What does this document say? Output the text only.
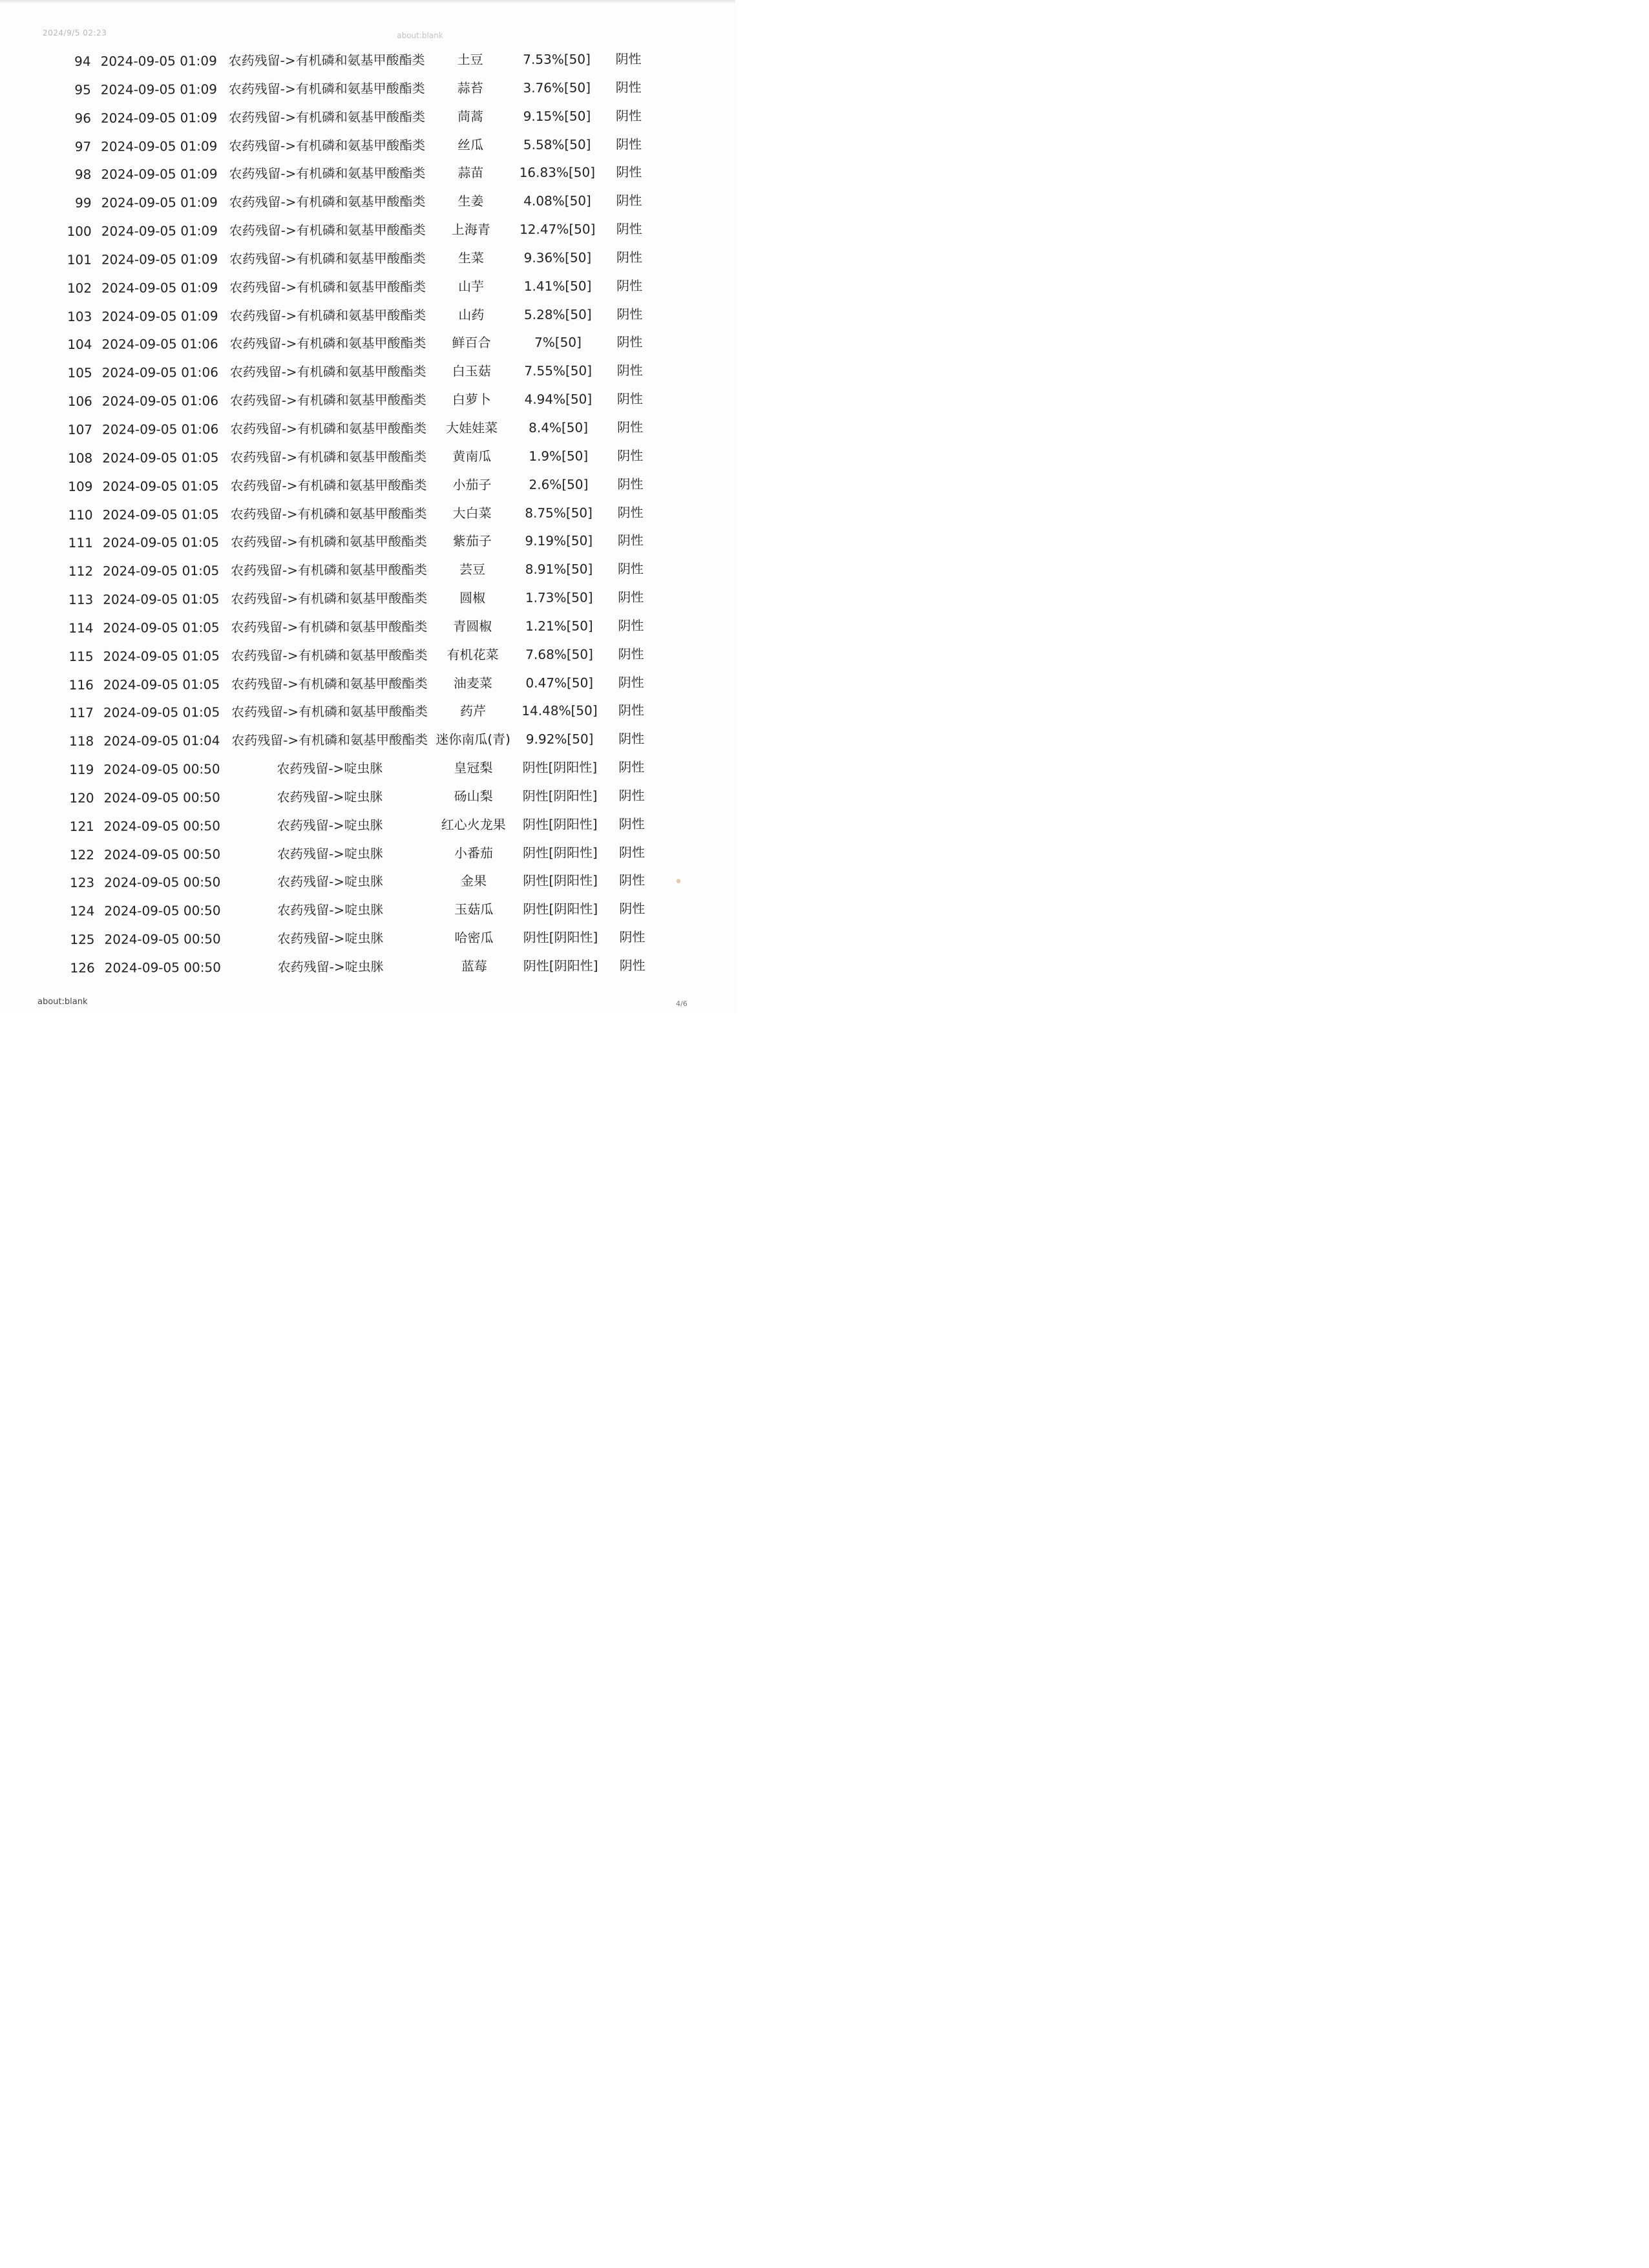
2024/9/5 02:23	about:blank
94 2024-09-05 01:09 农药残留->有机磷和氨基甲酸酯类	土豆	7.53%[50]	阴性
95 2024-09-05 01:09 农药残留->有机磷和氨基甲酸酯类	蒜苔	3.76%[50]	阴性
96 2024-09-05 01:09 农药残留->有机磷和氨基甲酸酯类	茼蒿	9.15%[50]	阴性
97 2024-09-05 01:09 农药残留->有机磷和氨基甲酸酯类	丝瓜	5.58%[50]	阴性
98 2024-09-05 01:09 农药残留->有机磷和氨基甲酸酯类	蒜苗	16.83%[50]	阴性
99 2024-09-05 01:09 农药残留->有机磷和氨基甲酸酯类	生姜	4.08%[50]	阴性
100 2024-09-05 01:09 农药残留->有机磷和氨基甲酸酯类	上海青	12.47%[50]	阴性
101 2024-09-05 01:09 农药残留->有机磷和氨基甲酸酯类	生菜	9.36%[50]	阴性
102 2024-09-05 01:09 农药残留->有机磷和氨基甲酸酯类	山芋	1.41%[50]	阴性
103 2024-09-05 01:09 农药残留->有机磷和氨基甲酸酯类	山药	5.28%[50]	阴性
104 2024-09-05 01:06 农药残留->有机磷和氨基甲酸酯类	鲜百合	7%[50]	阴性
105 2024-09-05 01:06 农药残留->有机磷和氨基甲酸酯类	白玉菇	7.55%[50]	阴性
106 2024-09-05 01:06 农药残留->有机磷和氨基甲酸酯类	白萝卜	4.94%[50]	阴性
107 2024-09-05 01:06 农药残留->有机磷和氨基甲酸酯类	大娃娃菜	8.4%[50]	阴性
108 2024-09-05 01:05 农药残留->有机磷和氨基甲酸酯类	黄南瓜	1.9%[50]	阴性
109 2024-09-05 01:05 农药残留->有机磷和氨基甲酸酯类	小茄子	2.6%[50]	阴性
110 2024-09-05 01:05 农药残留->有机磷和氨基甲酸酯类	大白菜	8.75%[50]	阴性
111 2024-09-05 01:05 农药残留->有机磷和氨基甲酸酯类	紫茄子	9.19%[50]	阴性
112 2024-09-05 01:05 农药残留->有机磷和氨基甲酸酯类	芸豆	8.91%[50]	阴性
113 2024-09-05 01:05 农药残留->有机磷和氨基甲酸酯类	圆椒	1.73%[50]	阴性
114 2024-09-05 01:05 农药残留->有机磷和氨基甲酸酯类	青圆椒	1.21%[50]	阴性
115 2024-09-05 01:05 农药残留->有机磷和氨基甲酸酯类	有机花菜	7.68%[50]	阴性
116 2024-09-05 01:05 农药残留->有机磷和氨基甲酸酯类	油麦菜	0.47%[50]	阴性
117 2024-09-05 01:05 农药残留->有机磷和氨基甲酸酯类	药芹	14.48%[50]	阴性
118 2024-09-05 01:04 农药残留->有机磷和氨基甲酸酯类 迷你南瓜(青)	9.92%[50]	阴性
119 2024-09-05 00:50	农药残留->啶虫脒	皇冠梨	阴性[阴阳性]	阴性
120 2024-09-05 00:50	农药残留->啶虫脒	砀山梨	阴性[阴阳性]	阴性
121 2024-09-05 00:50	农药残留->啶虫脒	红心火龙果	阴性[阴阳性]	阴性
122 2024-09-05 00:50	农药残留->啶虫脒	小番茄	阴性[阴阳性]	阴性
123 2024-09-05 00:50	农药残留->啶虫脒	金果	阴性[阴阳性]	阴性
124 2024-09-05 00:50	农药残留->啶虫脒	玉菇瓜	阴性[阴阳性]	阴性
125 2024-09-05 00:50	农药残留->啶虫脒	哈密瓜	阴性[阴阳性]	阴性
126 2024-09-05 00:50	农药残留->啶虫脒	蓝莓	阴性[阴阳性]	阴性
about:blank	4/6
